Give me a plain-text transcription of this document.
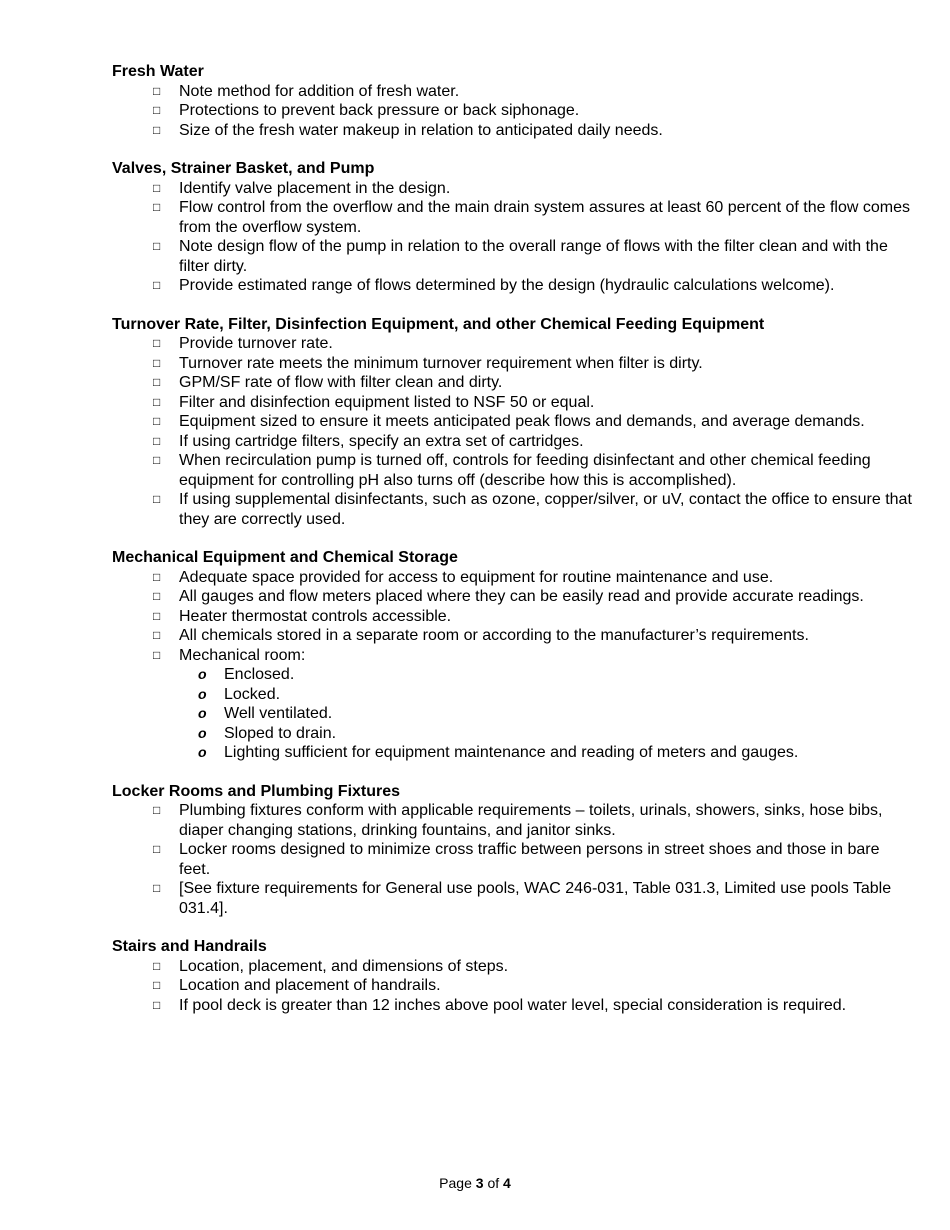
Fresh Water
□ Note method for addition of fresh water.
□ Protections to prevent back pressure or back siphonage.
□ Size of the fresh water makeup in relation to anticipated daily needs.
Valves, Strainer Basket, and Pump
□ Identify valve placement in the design.
□ Flow control from the overflow and the main drain system assures at least 60 percent of the flow comes from the overflow system.
□ Note design flow of the pump in relation to the overall range of flows with the filter clean and with the filter dirty.
□ Provide estimated range of flows determined by the design (hydraulic calculations welcome).
Turnover Rate, Filter, Disinfection Equipment, and other Chemical Feeding Equipment
□ Provide turnover rate.
□ Turnover rate meets the minimum turnover requirement when filter is dirty.
□ GPM/SF rate of flow with filter clean and dirty.
□ Filter and disinfection equipment listed to NSF 50 or equal.
□ Equipment sized to ensure it meets anticipated peak flows and demands, and average demands.
□ If using cartridge filters, specify an extra set of cartridges.
□ When recirculation pump is turned off, controls for feeding disinfectant and other chemical feeding equipment for controlling pH also turns off (describe how this is accomplished).
□ If using supplemental disinfectants, such as ozone, copper/silver, or uV, contact the office to ensure that they are correctly used.
Mechanical Equipment and Chemical Storage
□ Adequate space provided for access to equipment for routine maintenance and use.
□ All gauges and flow meters placed where they can be easily read and provide accurate readings.
□ Heater thermostat controls accessible.
□ All chemicals stored in a separate room or according to the manufacturer’s requirements.
□ Mechanical room:
o Enclosed.
o Locked.
o Well ventilated.
o Sloped to drain.
o Lighting sufficient for equipment maintenance and reading of meters and gauges.
Locker Rooms and Plumbing Fixtures
□ Plumbing fixtures conform with applicable requirements – toilets, urinals, showers, sinks, hose bibs, diaper changing stations, drinking fountains, and janitor sinks.
□ Locker rooms designed to minimize cross traffic between persons in street shoes and those in bare feet.
□ [See fixture requirements for General use pools, WAC 246-031, Table 031.3, Limited use pools Table 031.4].
Stairs and Handrails
□ Location, placement, and dimensions of steps.
□ Location and placement of handrails.
□ If pool deck is greater than 12 inches above pool water level, special consideration is required.
Page 3 of 4
